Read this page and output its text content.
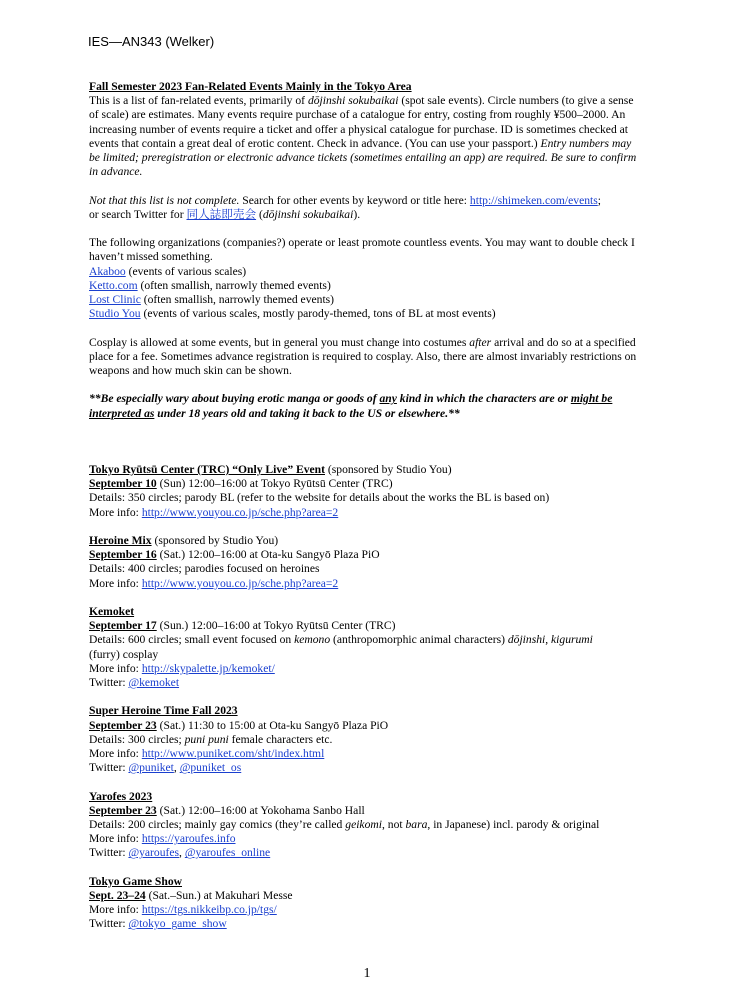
IES—AN343 (Welker)
Fall Semester 2023 Fan-Related Events Mainly in the Tokyo Area

This is a list of fan-related events, primarily of dōjinshi sokubaikai (spot sale events). Circle numbers (to give a sense of scale) are estimates. Many events require purchase of a catalogue for entry, costing from roughly ¥500–2000. An increasing number of events require a ticket and offer a physical catalogue for purchase. ID is sometimes checked at events that contain a great deal of erotic content. Check in advance. (You can use your passport.) Entry numbers may be limited; preregistration or electronic advance tickets (sometimes entailing an app) are required. Be sure to confirm in advance.

Not that this list is not complete. Search for other events by keyword or title here: http://shimeken.com/events;
or search Twitter for 同人誌即売会 (dōjinshi sokubaikai).

The following organizations (companies?) operate or least promote countless events. You may want to double check I haven’t missed something.
Akaboo (events of various scales)
Ketto.com (often smallish, narrowly themed events)
Lost Clinic (often smallish, narrowly themed events)
Studio You (events of various scales, mostly parody-themed, tons of BL at most events)

Cosplay is allowed at some events, but in general you must change into costumes after arrival and do so at a specified place for a fee. Sometimes advance registration is required to cosplay. Also, there are almost invariably restrictions on weapons and how much skin can be shown.

**Be especially wary about buying erotic manga or goods of any kind in which the characters are or might be interpreted as under 18 years old and taking it back to the US or elsewhere.**

Tokyo Ryūtsū Center (TRC) “Only Live” Event (sponsored by Studio You)
September 10 (Sun) 12:00–16:00 at Tokyo Ryūtsū Center (TRC)
Details: 350 circles; parody BL (refer to the website for details about the works the BL is based on)
More info: http://www.youyou.co.jp/sche.php?area=2
Heroine Mix (sponsored by Studio You)
September 16 (Sat.) 12:00–16:00 at Ota-ku Sangyō Plaza PiO
Details: 400 circles; parodies focused on heroines
More info: http://www.youyou.co.jp/sche.php?area=2
Kemoket
September 17 (Sun.) 12:00–16:00 at Tokyo Ryūtsū Center (TRC)
Details: 600 circles; small event focused on kemono (anthropomorphic animal characters) dōjinshi, kigurumi
(furry) cosplay
More info: http://skypalette.jp/kemoket/
Twitter: @kemoket
Super Heroine Time Fall 2023
September 23 (Sat.) 11:30 to 15:00 at Ota-ku Sangyō Plaza PiO
Details: 300 circles; puni puni female characters etc.
More info: http://www.puniket.com/sht/index.html
Twitter: @puniket, @puniket_os
Yarofes 2023
September 23 (Sat.) 12:00–16:00 at Yokohama Sanbo Hall
Details: 200 circles; mainly gay comics (they’re called geikomi, not bara, in Japanese) incl. parody & original
More info: https://yaroufes.info
Twitter: @yaroufes, @yaroufes_online
Tokyo Game Show
Sept. 23–24 (Sat.–Sun.) at Makuhari Messe
More info: https://tgs.nikkeibp.co.jp/tgs/
Twitter: @tokyo_game_show
1
